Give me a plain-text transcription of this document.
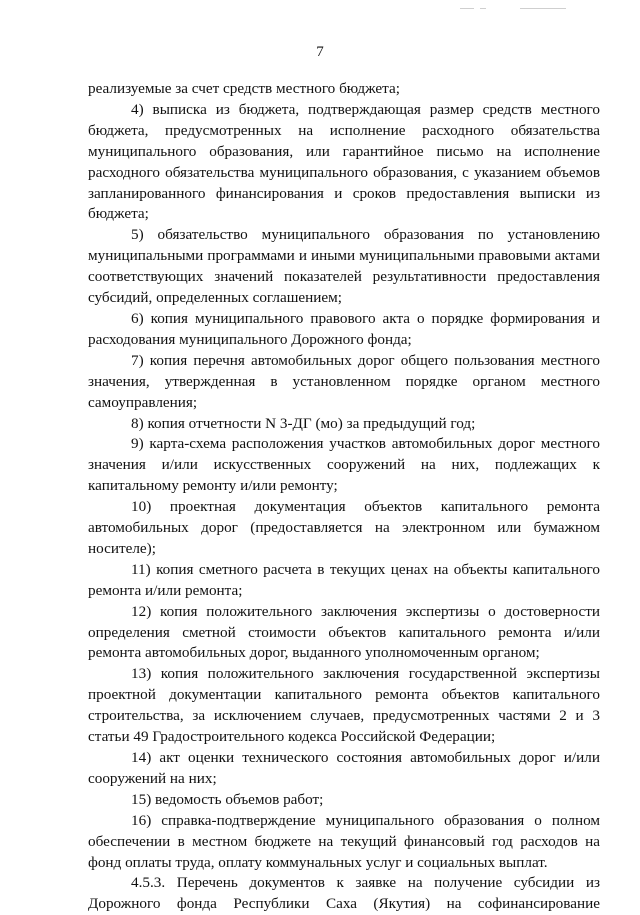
7

реализуемые за счет средств местного бюджета;

4) выписка из бюджета, подтверждающая размер средств местного бюджета, предусмотренных на исполнение расходного обязательства муниципального образования, или гарантийное письмо на исполнение расходного обязательства муниципального образования, с указанием объемов запланированного финансирования и сроков предоставления выписки из бюджета;

5) обязательство муниципального образования по установлению муниципальными программами и иными муниципальными правовыми актами соответствующих значений показателей результативности предоставления субсидий, определенных соглашением;

6) копия муниципального правового акта о порядке формирования и расходования муниципального Дорожного фонда;

7) копия перечня автомобильных дорог общего пользования местного значения, утвержденная в установленном порядке органом местного самоуправления;

8) копия отчетности N 3-ДГ (мо) за предыдущий год;

9) карта-схема расположения участков автомобильных дорог местного значения и/или искусственных сооружений на них, подлежащих к капитальному ремонту и/или ремонту;

10) проектная документация объектов капитального ремонта автомобильных дорог (предоставляется на электронном или бумажном носителе);

11) копия сметного расчета в текущих ценах на объекты капитального ремонта и/или ремонта;

12) копия положительного заключения экспертизы о достоверности определения сметной стоимости объектов капитального ремонта и/или ремонта автомобильных дорог, выданного уполномоченным органом;

13) копия положительного заключения государственной экспертизы проектной документации капитального ремонта объектов капитального строительства, за исключением случаев, предусмотренных частями 2 и 3 статьи 49 Градостроительного кодекса Российской Федерации;

14) акт оценки технического состояния автомобильных дорог и/или сооружений на них;

15) ведомость объемов работ;

16) справка-подтверждение муниципального образования о полном обеспечении в местном бюджете на текущий финансовый год расходов на фонд оплаты труда, оплату коммунальных услуг и социальных выплат.

4.5.3. Перечень документов к заявке на получение субсидии из Дорожного фонда Республики Саха (Якутия) на софинансирование
